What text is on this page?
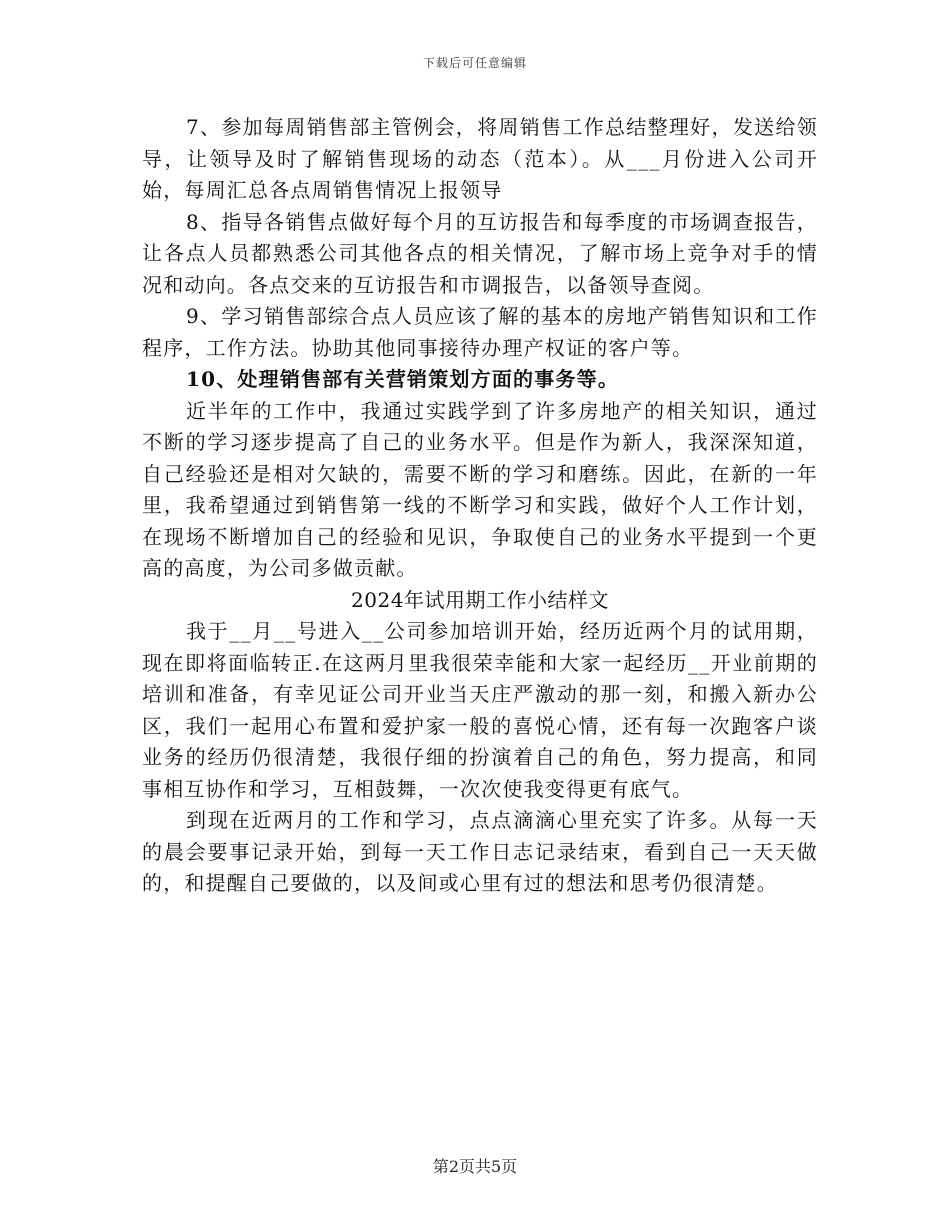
下载后可任意编辑

7、参加每周销售部主管例会，将周销售工作总结整理好，发送给领导，让领导及时了解销售现场的动态（范本）。从___月份进入公司开始，每周汇总各点周销售情况上报领导

8、指导各销售点做好每个月的互访报告和每季度的市场调查报告，让各点人员都熟悉公司其他各点的相关情况，了解市场上竞争对手的情况和动向。各点交来的互访报告和市调报告，以备领导查阅。

9、学习销售部综合点人员应该了解的基本的房地产销售知识和工作程序，工作方法。协助其他同事接待办理产权证的客户等。

10、处理销售部有关营销策划方面的事务等。

近半年的工作中，我通过实践学到了许多房地产的相关知识，通过不断的学习逐步提高了自己的业务水平。但是作为新人，我深深知道，自己经验还是相对欠缺的，需要不断的学习和磨练。因此，在新的一年里，我希望通过到销售第一线的不断学习和实践，做好个人工作计划，在现场不断增加自己的经验和见识，争取使自己的业务水平提到一个更高的高度，为公司多做贡献。

2024年试用期工作小结样文

我于__月__号进入__公司参加培训开始，经历近两个月的试用期，现在即将面临转正.在这两月里我很荣幸能和大家一起经历__开业前期的培训和准备，有幸见证公司开业当天庄严激动的那一刻，和搬入新办公区，我们一起用心布置和爱护家一般的喜悦心情，还有每一次跑客户谈业务的经历仍很清楚，我很仔细的扮演着自己的角色，努力提高，和同事相互协作和学习，互相鼓舞，一次次使我变得更有底气。

到现在近两月的工作和学习，点点滴滴心里充实了许多。从每一天的晨会要事记录开始，到每一天工作日志记录结束，看到自己一天天做的，和提醒自己要做的，以及间或心里有过的想法和思考仍很清楚。

第2页共5页
